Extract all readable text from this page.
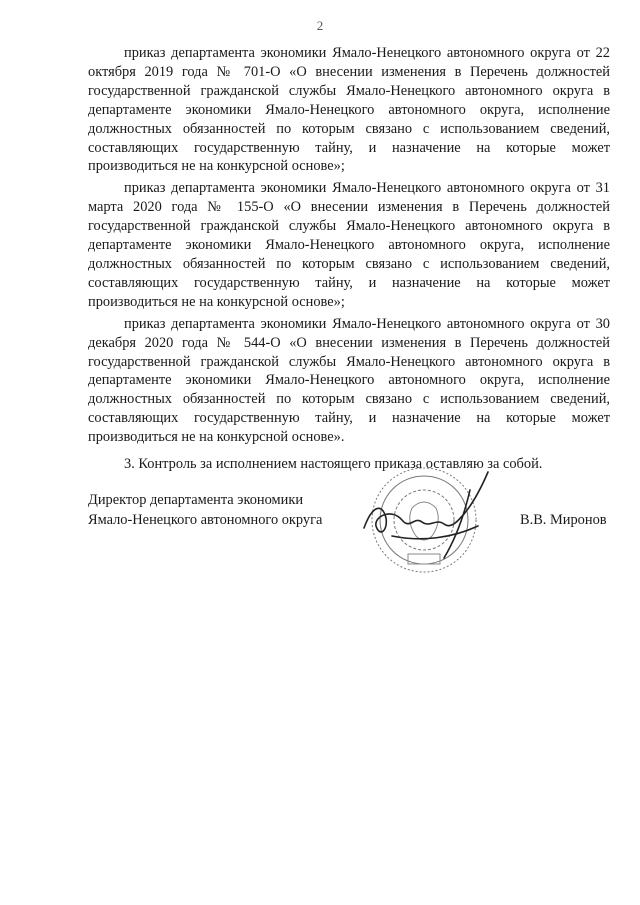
2

приказ департамента экономики Ямало-Ненецкого автономного округа от 22 октября 2019 года № 701-О «О внесении изменения в Перечень должностей государственной гражданской службы Ямало-Ненецкого автономного округа в департаменте экономики Ямало-Ненецкого автономного округа, исполнение должностных обязанностей по которым связано с использованием сведений, составляющих государственную тайну, и назначение на которые может производиться не на конкурсной основе»;

приказ департамента экономики Ямало-Ненецкого автономного округа от 31 марта 2020 года № 155-О «О внесении изменения в Перечень должностей государственной гражданской службы Ямало-Ненецкого автономного округа в департаменте экономики Ямало-Ненецкого автономного округа, исполнение должностных обязанностей по которым связано с использованием сведений, составляющих государственную тайну, и назначение на которые может производиться не на конкурсной основе»;

приказ департамента экономики Ямало-Ненецкого автономного округа от 30 декабря 2020 года № 544-О «О внесении изменения в Перечень должностей государственной гражданской службы Ямало-Ненецкого автономного округа в департаменте экономики Ямало-Ненецкого автономного округа, исполнение должностных обязанностей по которым связано с использованием сведений, составляющих государственную тайну, и назначение на которые может производиться не на конкурсной основе».

3. Контроль за исполнением настоящего приказа оставляю за собой.

Директор департамента экономики
Ямало-Ненецкого автономного округа	В.В. Миронов
